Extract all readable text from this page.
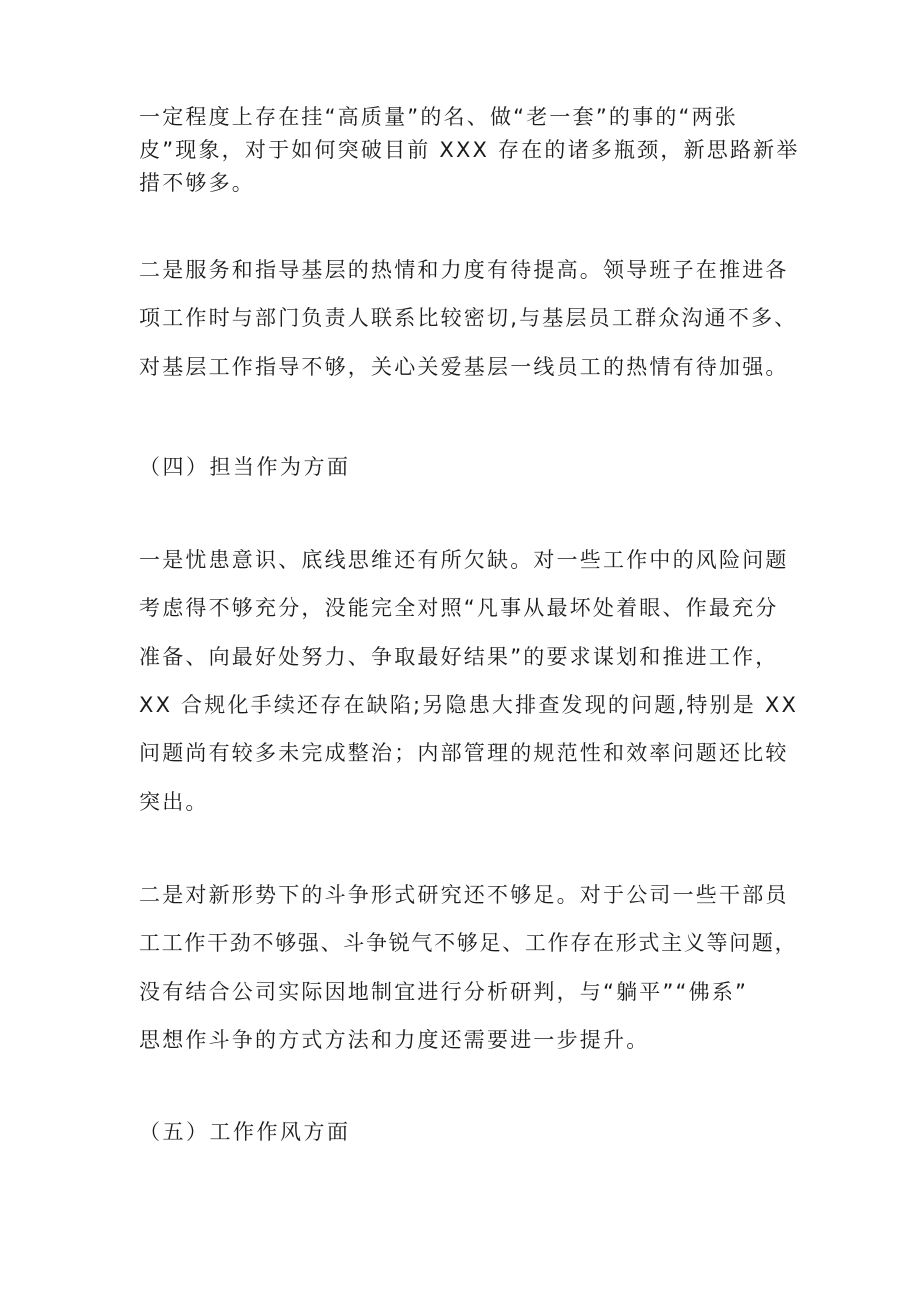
一定程度上存在挂“高质量”的名、做“老一套”的事的“两张
皮”现象，对于如何突破目前 XXX 存在的诸多瓶颈，新思路新举
措不够多。
二是服务和指导基层的热情和力度有待提高。领导班子在推进各
项工作时与部门负责人联系比较密切,与基层员工群众沟通不多、
对基层工作指导不够，关心关爱基层一线员工的热情有待加强。
（四）担当作为方面
一是忧患意识、底线思维还有所欠缺。对一些工作中的风险问题
考虑得不够充分，没能完全对照“凡事从最坏处着眼、作最充分
准备、向最好处努力、争取最好结果”的要求谋划和推进工作，
XX 合规化手续还存在缺陷;另隐患大排查发现的问题,特别是 XX
问题尚有较多未完成整治；内部管理的规范性和效率问题还比较
突出。
二是对新形势下的斗争形式研究还不够足。对于公司一些干部员
工工作干劲不够强、斗争锐气不够足、工作存在形式主义等问题，
没有结合公司实际因地制宜进行分析研判，与“躺平”“佛系”
思想作斗争的方式方法和力度还需要进一步提升。
（五）工作作风方面
